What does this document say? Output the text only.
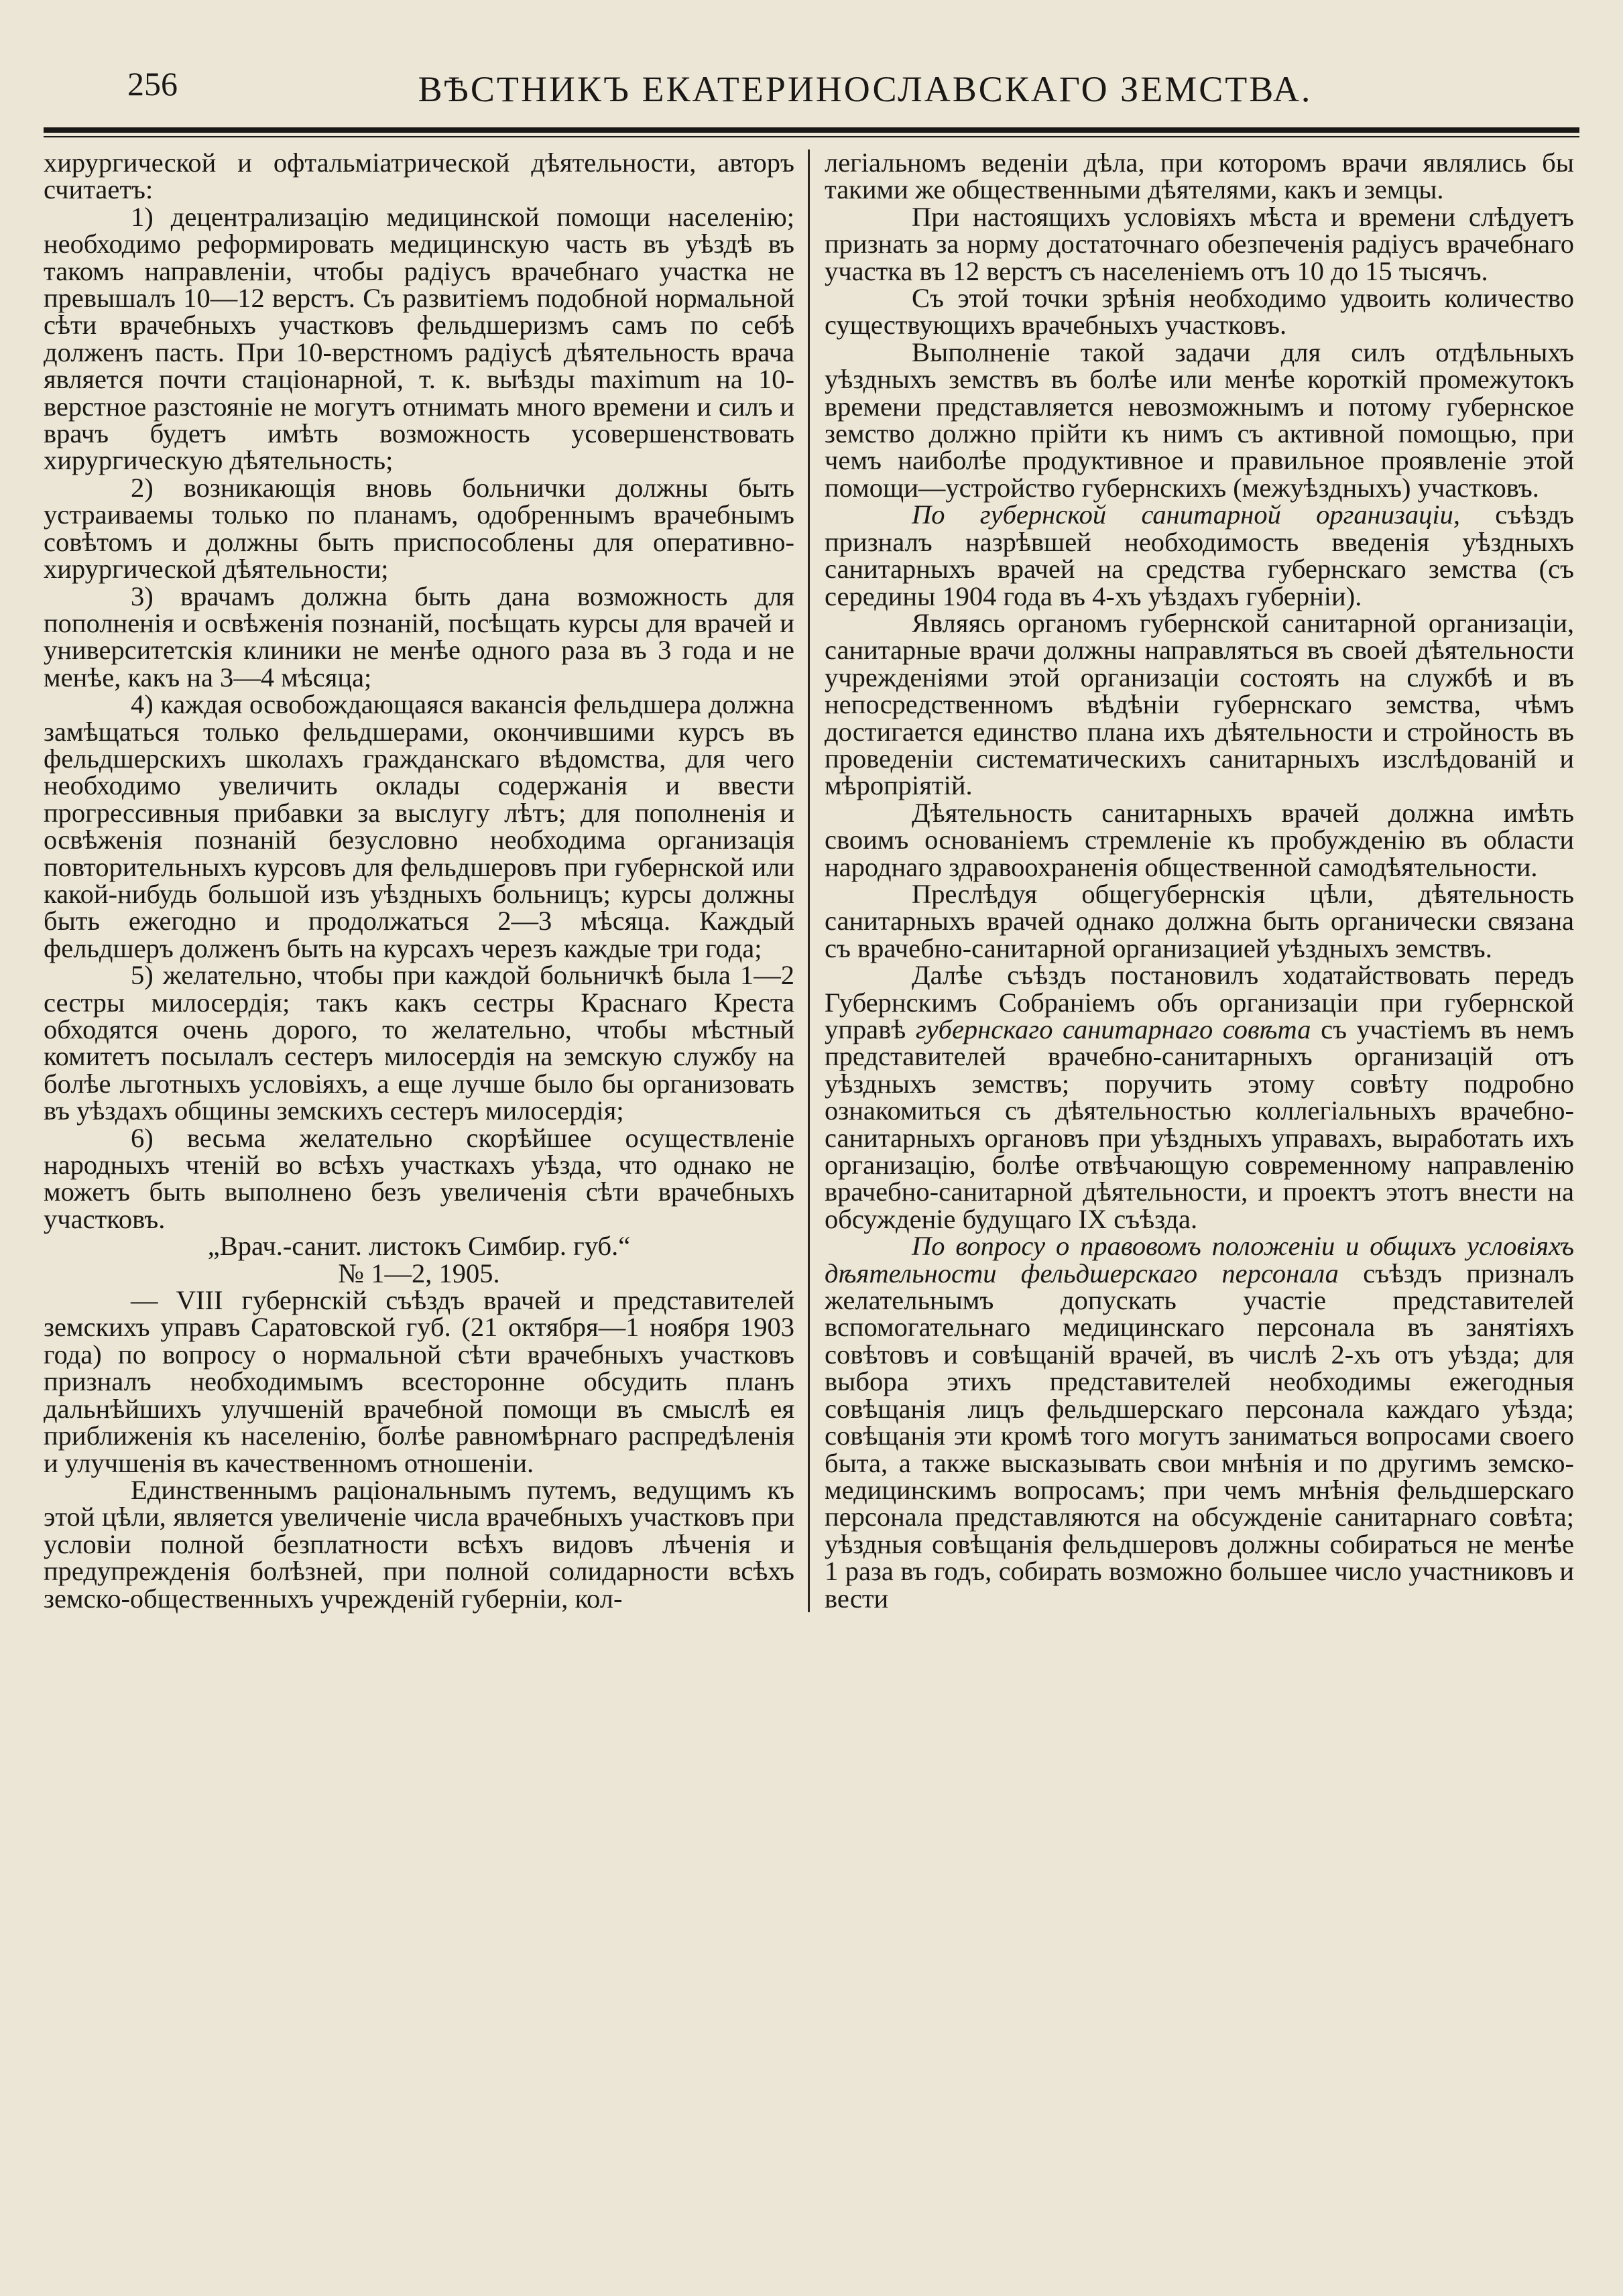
256	ВѢСТНИКЪ ЕКАТЕРИНОСЛАВСКАГО ЗЕМСТВА.

хирургической и офтальміатрической дѣятельности, авторъ считаетъ:

1) децентрализацію медицинской помощи населенію; необходимо реформировать медицинскую часть въ уѣздѣ въ такомъ направленіи, чтобы радіусъ врачебнаго участка не превышалъ 10—12 верстъ. Съ развитіемъ подобной нормальной сѣти врачебныхъ участковъ фельдшеризмъ самъ по себѣ долженъ пасть. При 10-верстномъ радіусѣ дѣятельность врача является почти стаціонарной, т. к. выѣзды maximum на 10-верстное разстояніе не могутъ отнимать много времени и силъ и врачъ будетъ имѣть возможность усовершенствовать хирургическую дѣятельность;

2) возникающія вновь больнички должны быть устраиваемы только по планамъ, одобреннымъ врачебнымъ совѣтомъ и должны быть приспособлены для оперативно-хирургической дѣятельности;

3) врачамъ должна быть дана возможность для пополненія и освѣженія познаній, посѣщать курсы для врачей и университетскія клиники не менѣе одного раза въ 3 года и не менѣе, какъ на 3—4 мѣсяца;

4) каждая освобождающаяся вакансія фельдшера должна замѣщаться только фельдшерами, окончившими курсъ въ фельдшерскихъ школахъ гражданскаго вѣдомства, для чего необходимо увеличить оклады содержанія и ввести прогрессивныя прибавки за выслугу лѣтъ; для пополненія и освѣженія познаній безусловно необходима организація повторительныхъ курсовъ для фельдшеровъ при губернской или какой-нибудь большой изъ уѣздныхъ больницъ; курсы должны быть ежегодно и продолжаться 2—3 мѣсяца. Каждый фельдшеръ долженъ быть на курсахъ черезъ каждые три года;

5) желательно, чтобы при каждой больничкѣ была 1—2 сестры милосердія; такъ какъ сестры Краснаго Креста обходятся очень дорого, то желательно, чтобы мѣстный комитетъ посылалъ сестеръ милосердія на земскую службу на болѣе льготныхъ условіяхъ, а еще лучше было бы организовать въ уѣздахъ общины земскихъ сестеръ милосердія;

6) весьма желательно скорѣйшее осуществленіе народныхъ чтеній во всѣхъ участкахъ уѣзда, что однако не можетъ быть выполнено безъ увеличенія сѣти врачебныхъ участковъ.

„Врач.-санит. листокъ Симбир. губ.“

№ 1—2, 1905.

— VIII губернскій съѣздъ врачей и представителей земскихъ управъ Саратовской губ. (21 октября—1 ноября 1903 года) по вопросу о нормальной сѣти врачебныхъ участковъ призналъ необходимымъ всесторонне обсудить планъ дальнѣйшихъ улучшеній врачебной помощи въ смыслѣ ея приближенія къ населенію, болѣе равномѣрнаго распредѣленія и улучшенія въ качественномъ отношеніи.

Единственнымъ раціональнымъ путемъ, ведущимъ къ этой цѣли, является увеличеніе числа врачебныхъ участковъ при условіи полной безплатности всѣхъ видовъ лѣченія и предупрежденія болѣзней, при полной солидарности всѣхъ земско-общественныхъ учрежденій губерніи, кол-

легіальномъ веденіи дѣла, при которомъ врачи являлись бы такими же общественными дѣятелями, какъ и земцы.

При настоящихъ условіяхъ мѣста и времени слѣдуетъ признать за норму достаточнаго обезпеченія радіусъ врачебнаго участка въ 12 верстъ съ населеніемъ отъ 10 до 15 тысячъ.

Съ этой точки зрѣнія необходимо удвоить количество существующихъ врачебныхъ участковъ.

Выполненіе такой задачи для силъ отдѣльныхъ уѣздныхъ земствъ въ болѣе или менѣе короткій промежутокъ времени представляется невозможнымъ и потому губернское земство должно прійти къ нимъ съ активной помощью, при чемъ наиболѣе продуктивное и правильное проявленіе этой помощи—устройство губернскихъ (межуѣздныхъ) участковъ.

По губернской санитарной организаціи, съѣздъ призналъ назрѣвшей необходимость введенія уѣздныхъ санитарныхъ врачей на средства губернскаго земства (съ середины 1904 года въ 4-хъ уѣздахъ губерніи).

Являясь органомъ губернской санитарной организаціи, санитарные врачи должны направляться въ своей дѣятельности учрежденіями этой организаціи состоять на службѣ и въ непосредственномъ вѣдѣніи губернскаго земства, чѣмъ достигается единство плана ихъ дѣятельности и стройность въ проведеніи систематическихъ санитарныхъ изслѣдованій и мѣропріятій.

Дѣятельность санитарныхъ врачей должна имѣть своимъ основаніемъ стремленіе къ пробужденію въ области народнаго здравоохраненія общественной самодѣятельности.

Преслѣдуя общегубернскія цѣли, дѣятельность санитарныхъ врачей однако должна быть органически связана съ врачебно-санитарной организацией уѣздныхъ земствъ.

Далѣе съѣздъ постановилъ ходатайствовать передъ Губернскимъ Собраніемъ объ организаціи при губернской управѣ губернскаго санитарнаго совѣта съ участіемъ въ немъ представителей врачебно-санитарныхъ организацій отъ уѣздныхъ земствъ; поручить этому совѣту подробно ознакомиться съ дѣятельностью коллегіальныхъ врачебно-санитарныхъ органовъ при уѣздныхъ управахъ, выработать ихъ организацію, болѣе отвѣчающую современному направленію врачебно-санитарной дѣятельности, и проектъ этотъ внести на обсужденіе будущаго IX съѣзда.

По вопросу о правовомъ положеніи и общихъ условіяхъ дѣятельности фельдшерскаго персонала съѣздъ призналъ желательнымъ допускать участіе представителей вспомогательнаго медицинскаго персонала въ занятіяхъ совѣтовъ и совѣщаній врачей, въ числѣ 2-хъ отъ уѣзда; для выбора этихъ представителей необходимы ежегодныя совѣщанія лицъ фельдшерскаго персонала каждаго уѣзда; совѣщанія эти кромѣ того могутъ заниматься вопросами своего быта, а также высказывать свои мнѣнія и по другимъ земско-медицинскимъ вопросамъ; при чемъ мнѣнія фельдшерскаго персонала представляются на обсужденіе санитарнаго совѣта; уѣздныя совѣщанія фельдшеровъ должны собираться не менѣе 1 раза въ годъ, собирать возможно большее число участниковъ и вести
